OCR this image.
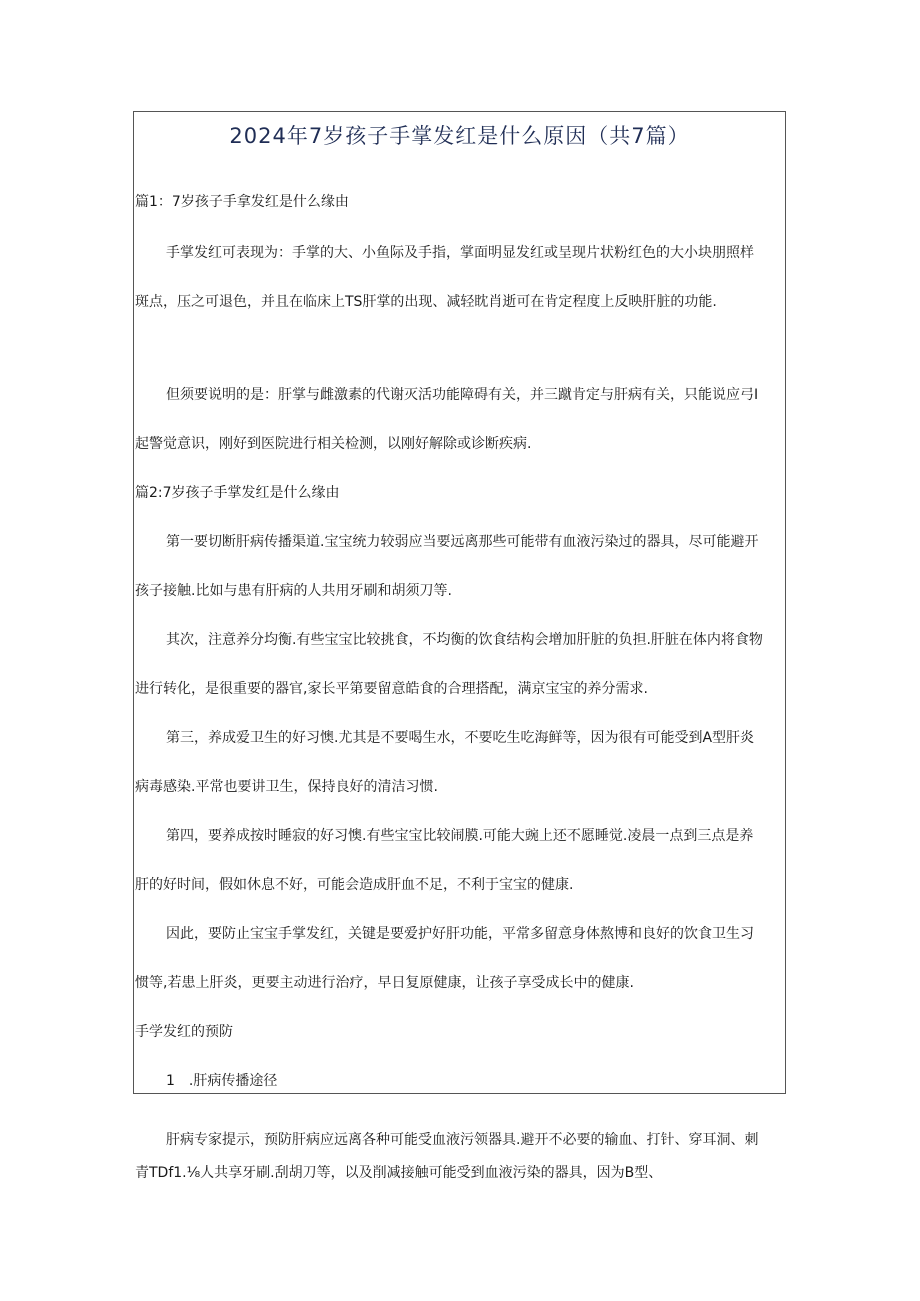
2024年7岁孩子手掌发红是什么原因（共7篇）
篇1：7岁孩子手拿发红是什么缘由
手掌发红可表现为：手掌的大、小鱼际及手指，掌面明显发红或呈现片状粉红色的大小块朋照样
斑点，压之可退色，并且在临床上TS肝掌的出现、减轻眈肖逝可在肯定程度上反映肝脏的功能.
但须要说明的是：肝掌与雌激素的代谢灭活功能障碍有关，并三蹴肯定与肝病有关，只能说应弓I
起警觉意识，刚好到医院进行相关检测，以刚好解除或诊断疾病.
篇2:7岁孩子手掌发红是什么缘由
第一要切断肝病传播渠道.宝宝统力较弱应当要远离那些可能带有血液污染过的器具，尽可能避开
孩子接触.比如与患有肝病的人共用牙刷和胡须刀等.
其次，注意养分均衡.有些宝宝比较挑食，不均衡的饮食结构会增加肝脏的负担.肝脏在体内将食物
进行转化，是很重要的器官,家长平第要留意皓食的合理搭配，满京宝宝的养分需求.
第三，养成爱卫生的好习懊.尤其是不要喝生水，不要吃生吃海鲜等，因为很有可能受到A型肝炎
病毒感染.平常也要讲卫生，保持良好的清洁习惯.
第四，要养成按时睡寂的好习懊.有些宝宝比较闹膜.可能大豌上还不愿睡觉.凌晨一点到三点是养
肝的好时间，假如休息不好，可能会造成肝血不足，不利于宝宝的健康.
因此，要防止宝宝手掌发红，关键是要爱护好肝功能，平常多留意身体熬博和良好的饮食卫生习
惯等,若患上肝炎，更要主动进行治疗，早日复原健康，让孩子享受成长中的健康.
手学发红的预防
1　.肝病传播途径
肝病专家提示，预防肝病应远离各种可能受血液污领器具.避开不必要的输血、打针、穿耳洞、刺
青TDf1.⅛人共享牙刷.刮胡刀等，以及削减接触可能受到血液污染的器具，因为B型、
